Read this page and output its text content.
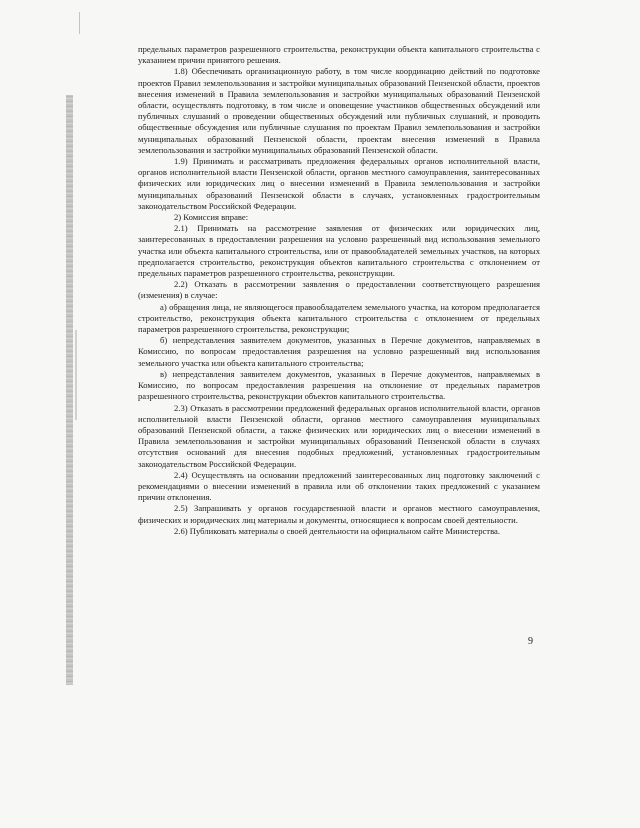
предельных параметров разрешенного строительства, реконструкции объекта капитального строительства с указанием причин принятого решения.

1.8) Обеспечивать организационную работу, в том числе координацию действий по подготовке проектов Правил землепользования и застройки муниципальных образований Пензенской области, проектов внесения изменений в Правила землепользования и застройки муниципальных образований Пензенской области, осуществлять подготовку, в том числе и оповещение участников общественных обсуждений или публичных слушаний о проведении общественных обсуждений или публичных слушаний, и проводить общественные обсуждения или публичные слушания по проектам Правил землепользования и застройки муниципальных образований Пензенской области, проектам внесения изменений в Правила землепользования и застройки муниципальных образований Пензенской области.

1.9) Принимать и рассматривать предложения федеральных органов исполнительной власти, органов исполнительной власти Пензенской области, органов местного самоуправления, заинтересованных физических или юридических лиц о внесении изменений в Правила землепользования и застройки муниципальных образований Пензенской области в случаях, установленных градостроительным законодательством Российской Федерации.

2) Комиссия вправе:

2.1) Принимать на рассмотрение заявления от физических или юридических лиц, заинтересованных в предоставлении разрешения на условно разрешенный вид использования земельного участка или объекта капитального строительства, или от правообладателей земельных участков, на которых предполагается строительство, реконструкция объектов капитального строительства с отклонением от предельных параметров разрешенного строительства, реконструкции.

2.2) Отказать в рассмотрении заявления о предоставлении соответствующего разрешения (изменения) в случае:

а) обращения лица, не являющегося правообладателем земельного участка, на котором предполагается строительство, реконструкция объекта капитального строительства с отклонением от предельных параметров разрешенного строительства, реконструкции;

б) непредставления заявителем документов, указанных в Перечне документов, направляемых в Комиссию, по вопросам предоставления разрешения на условно разрешенный вид использования земельного участка или объекта капитального строительства;

в) непредставления заявителем документов, указанных в Перечне документов, направляемых в Комиссию, по вопросам предоставления разрешения на отклонение от предельных параметров разрешенного строительства, реконструкции объектов капитального строительства.

2.3) Отказать в рассмотрении предложений федеральных органов исполнительной власти, органов исполнительной власти Пензенской области, органов местного самоуправления муниципальных образований Пензенской области, а также физических или юридических лиц о внесении изменений в Правила землепользования и застройки муниципальных образований Пензенской области в случаях отсутствия оснований для внесения подобных предложений, установленных градостроительным законодательством Российской Федерации.

2.4) Осуществлять на основании предложений заинтересованных лиц подготовку заключений с рекомендациями о внесении изменений в правила или об отклонении таких предложений с указанием причин отклонения.

2.5) Запрашивать у органов государственной власти и органов местного самоуправления, физических и юридических лиц материалы и документы, относящиеся к вопросам своей деятельности.

2.6) Публиковать материалы о своей деятельности на официальном сайте Министерства.

9
